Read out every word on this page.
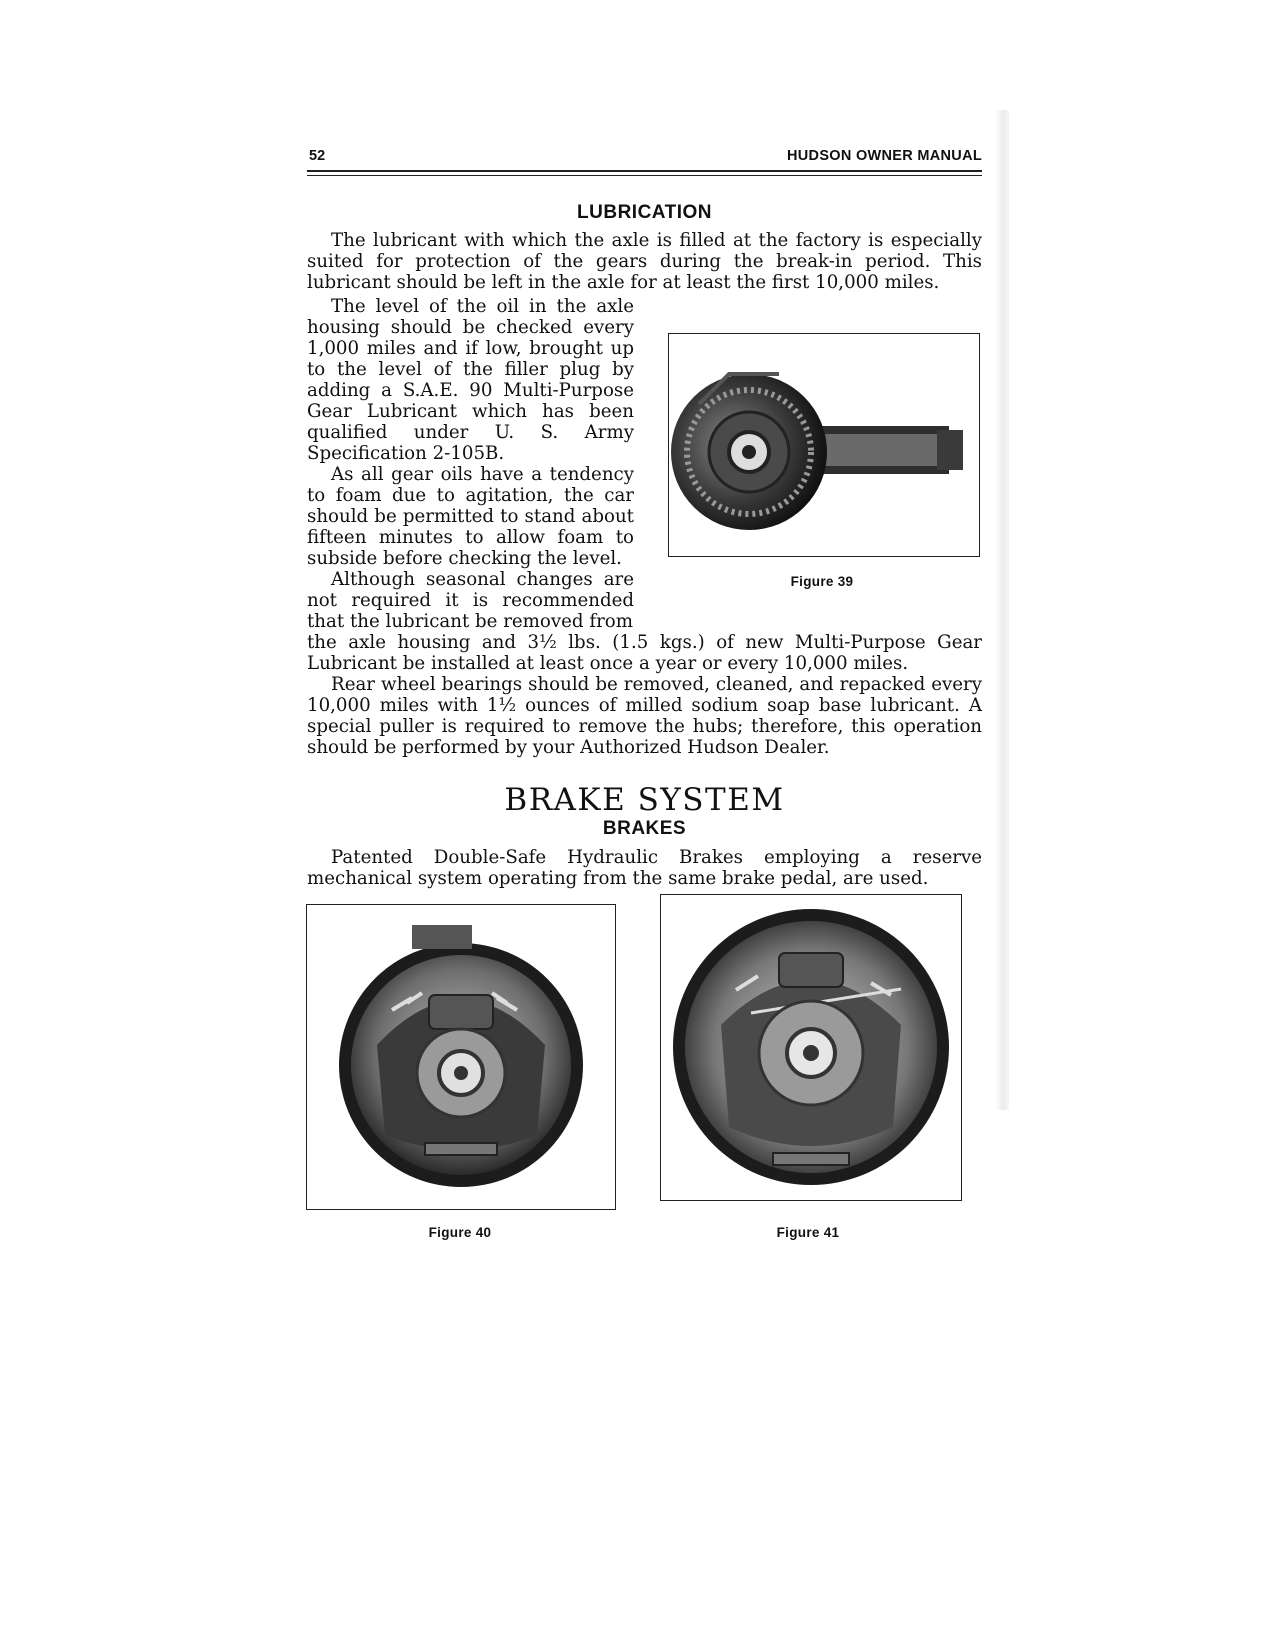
52	HUDSON OWNER MANUAL
LUBRICATION

The lubricant with which the axle is filled at the factory is especially suited for protection of the gears during the break-in period. This lubricant should be left in the axle for at least the first 10,000 miles.

The level of the oil in the axle housing should be checked every 1,000 miles and if low, brought up to the level of the filler plug by adding a S.A.E. 90 Multi-Purpose Gear Lubricant which has been qualified under U. S. Army Specification 2-105B.

As all gear oils have a tendency to foam due to agitation, the car should be permitted to stand about fifteen minutes to allow foam to subside before checking the level.

Although seasonal changes are not required it is recommended that the lubricant be removed from

Figure 39

the axle housing and 3½ lbs. (1.5 kgs.) of new Multi-Purpose Gear Lubricant be installed at least once a year or every 10,000 miles.

Rear wheel bearings should be removed, cleaned, and repacked every 10,000 miles with 1½ ounces of milled sodium soap base lubricant. A special puller is required to remove the hubs; therefore, this operation should be performed by your Authorized Hudson Dealer.

BRAKE SYSTEM
BRAKES

Patented Double-Safe Hydraulic Brakes employing a reserve mechanical system operating from the same brake pedal, are used.

Figure 40	Figure 41
